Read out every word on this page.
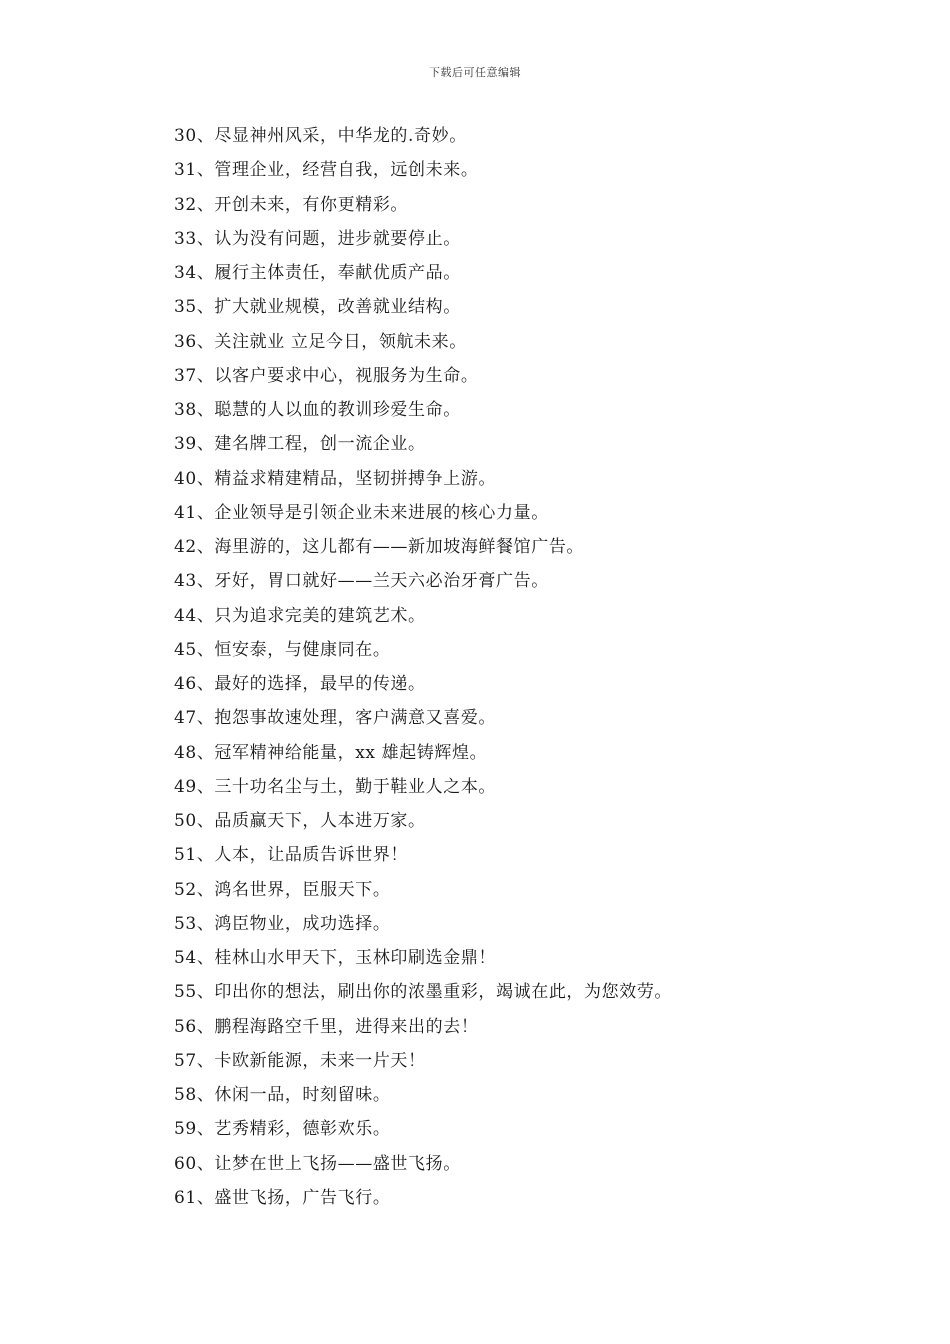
下载后可任意编辑
30、尽显神州风采，中华龙的.奇妙。
31、管理企业，经营自我，远创未来。
32、开创未来，有你更精彩。
33、认为没有问题，进步就要停止。
34、履行主体责任，奉献优质产品。
35、扩大就业规模，改善就业结构。
36、关注就业 立足今日，领航未来。
37、以客户要求中心，视服务为生命。
38、聪慧的人以血的教训珍爱生命。
39、建名牌工程，创一流企业。
40、精益求精建精品，坚韧拼搏争上游。
41、企业领导是引领企业未来进展的核心力量。
42、海里游的，这儿都有——新加坡海鲜餐馆广告。
43、牙好，胃口就好——兰天六必治牙膏广告。
44、只为追求完美的建筑艺术。
45、恒安泰，与健康同在。
46、最好的选择，最早的传递。
47、抱怨事故速处理，客户满意又喜爱。
48、冠军精神给能量，xx 雄起铸辉煌。
49、三十功名尘与土，勤于鞋业人之本。
50、品质赢天下，人本进万家。
51、人本，让品质告诉世界！
52、鸿名世界，臣服天下。
53、鸿臣物业，成功选择。
54、桂林山水甲天下，玉林印刷选金鼎！
55、印出你的想法，刷出你的浓墨重彩，竭诚在此，为您效劳。
56、鹏程海路空千里，进得来出的去！
57、卡欧新能源，未来一片天！
58、休闲一品，时刻留味。
59、艺秀精彩，德彰欢乐。
60、让梦在世上飞扬——盛世飞扬。
61、盛世飞扬，广告飞行。
